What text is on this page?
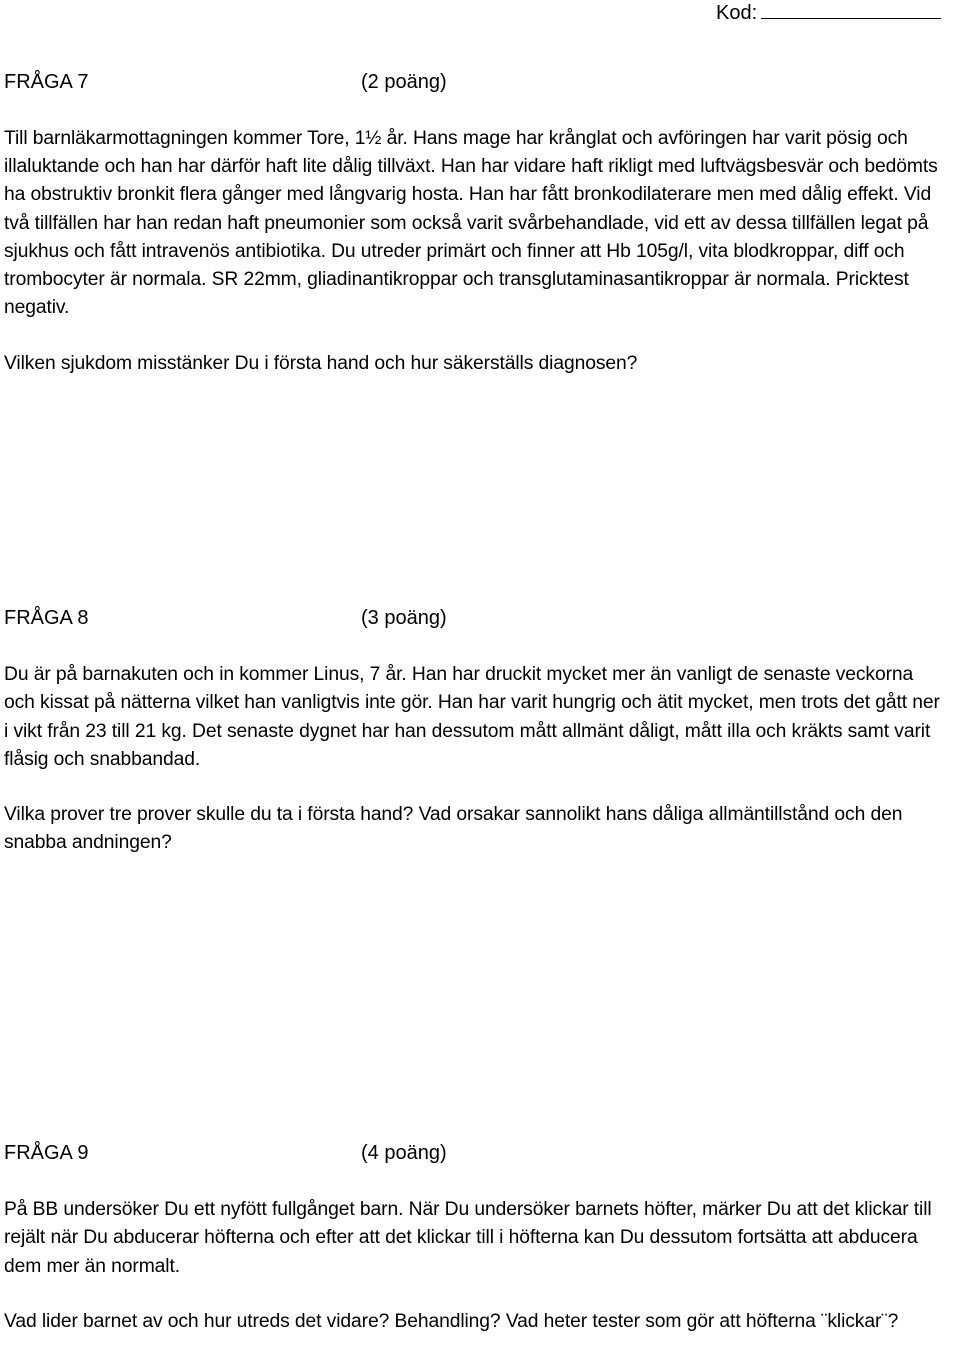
Kod:
FRÅGA 7	(2 poäng)
Till barnläkarmottagningen kommer Tore, 1½ år. Hans mage har krånglat och avföringen har varit pösig och illaluktande och han har därför haft lite dålig tillväxt. Han har vidare haft rikligt med luftvägsbesvär och bedömts ha obstruktiv bronkit flera gånger med långvarig hosta. Han har fått bronkodilaterare men med dålig effekt. Vid två tillfällen har han redan haft pneumonier som också varit svårbehandlade, vid ett av dessa tillfällen legat på sjukhus och fått intravenös antibiotika. Du utreder primärt och finner att Hb 105g/l, vita blodkroppar, diff och trombocyter är normala. SR 22mm, gliadinantikroppar och transglutaminasantikroppar är normala. Pricktest negativ.
Vilken sjukdom misstänker Du i första hand och hur säkerställs diagnosen?
FRÅGA 8	(3 poäng)
Du är på barnakuten och in kommer Linus, 7 år. Han har druckit mycket mer än vanligt de senaste veckorna och kissat på nätterna vilket han vanligtvis inte gör. Han har varit hungrig och ätit mycket, men trots det gått ner i vikt från 23 till 21 kg. Det senaste dygnet har han dessutom mått allmänt dåligt, mått illa och kräkts samt varit flåsig och snabbandad.
Vilka prover tre prover skulle du ta i första hand? Vad orsakar sannolikt hans dåliga allmäntillstånd och den snabba andningen?
FRÅGA 9	(4 poäng)
På BB undersöker Du ett nyfött fullgånget barn. När Du undersöker barnets höfter, märker Du att det klickar till rejält när Du abducerar höfterna och efter att det klickar till i höfterna kan Du dessutom fortsätta att abducera dem mer än normalt.
Vad lider barnet av och hur utreds det vidare? Behandling? Vad heter tester som gör att höfterna ¨klickar¨?
